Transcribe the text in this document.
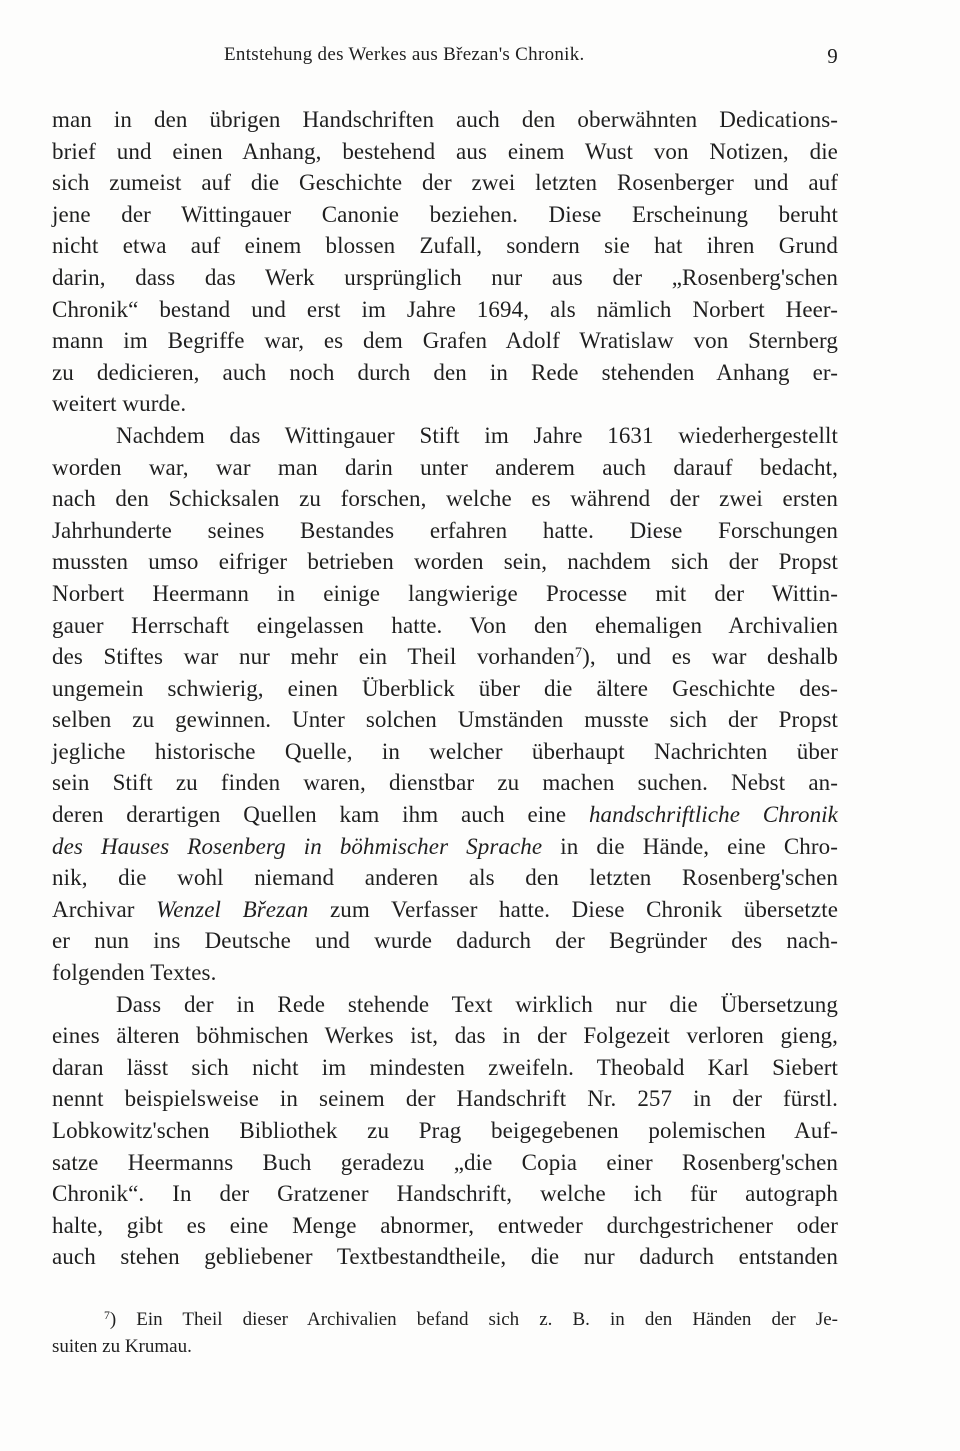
Entstehung des Werkes aus Březan's Chronik.	9
man in den übrigen Handschriften auch den oberwähnten Dedications-
brief und einen Anhang, bestehend aus einem Wust von Notizen, die
sich zumeist auf die Geschichte der zwei letzten Rosenberger und auf
jene der Wittingauer Canonie beziehen. Diese Erscheinung beruht
nicht etwa auf einem blossen Zufall, sondern sie hat ihren Grund
darin, dass das Werk ursprünglich nur aus der „Rosenberg'schen
Chronik“ bestand und erst im Jahre 1694, als nämlich Norbert Heer-
mann im Begriffe war, es dem Grafen Adolf Wratislaw von Sternberg
zu dedicieren, auch noch durch den in Rede stehenden Anhang er-
weitert wurde.
Nachdem das Wittingauer Stift im Jahre 1631 wiederhergestellt
worden war, war man darin unter anderem auch darauf bedacht,
nach den Schicksalen zu forschen, welche es während der zwei ersten
Jahrhunderte seines Bestandes erfahren hatte. Diese Forschungen
mussten umso eifriger betrieben worden sein, nachdem sich der Propst
Norbert Heermann in einige langwierige Processe mit der Wittin-
gauer Herrschaft eingelassen hatte. Von den ehemaligen Archivalien
des Stiftes war nur mehr ein Theil vorhanden$^7$), und es war deshalb
ungemein schwierig, einen Überblick über die ältere Geschichte des-
selben zu gewinnen. Unter solchen Umständen musste sich der Propst
jegliche historische Quelle, in welcher überhaupt Nachrichten über
sein Stift zu finden waren, dienstbar zu machen suchen. Nebst an-
deren derartigen Quellen kam ihm auch eine handschriftliche Chronik
des Hauses Rosenberg in böhmischer Sprache in die Hände, eine Chro-
nik, die wohl niemand anderen als den letzten Rosenberg'schen
Archivar Wenzel Březan zum Verfasser hatte. Diese Chronik übersetzte
er nun ins Deutsche und wurde dadurch der Begründer des nach-
folgenden Textes.
Dass der in Rede stehende Text wirklich nur die Übersetzung
eines älteren böhmischen Werkes ist, das in der Folgezeit verloren gieng,
daran lässt sich nicht im mindesten zweifeln. Theobald Karl Siebert
nennt beispielsweise in seinem der Handschrift Nr. 257 in der fürstl.
Lobkowitz'schen Bibliothek zu Prag beigegebenen polemischen Auf-
satze Heermanns Buch geradezu „die Copia einer Rosenberg'schen
Chronik“. In der Gratzener Handschrift, welche ich für autograph
halte, gibt es eine Menge abnormer, entweder durchgestrichener oder
auch stehen gebliebener Textbestandtheile, die nur dadurch entstanden
$^7$) Ein Theil dieser Archivalien befand sich z. B. in den Händen der Je-
suiten zu Krumau.
